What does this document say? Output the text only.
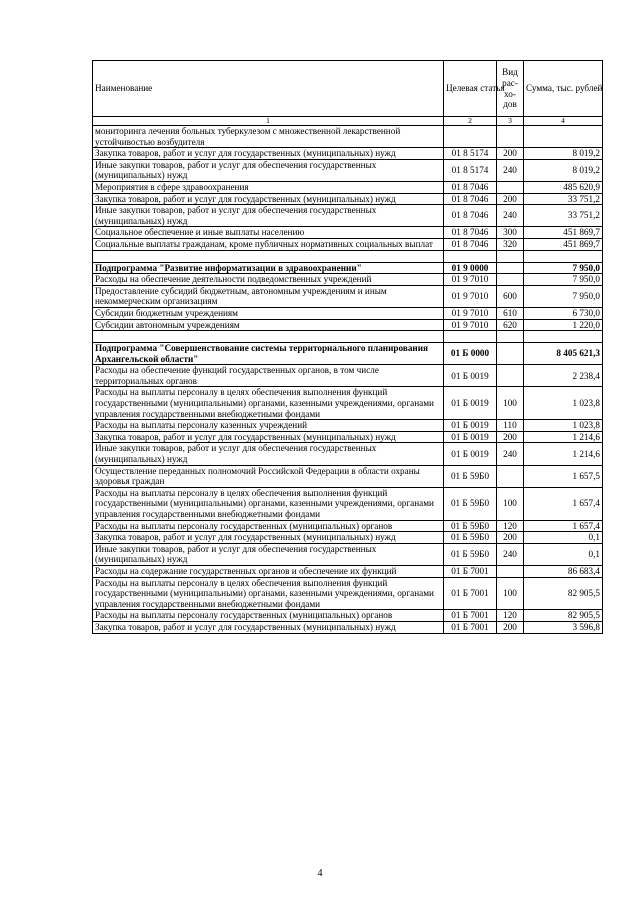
Наименование	Целевая статья	Вид рас-хо-дов	Сумма, тыс. рублей
1	2	3	4
мониторинга лечения больных туберкулезом с множественной лекарственной устойчивостью возбудителя			
Закупка товаров, работ и услуг для государственных (муниципальных) нужд	01 8 5174	200	8 019,2
Иные закупки товаров, работ и услуг для обеспечения государственных (муниципальных) нужд	01 8 5174	240	8 019,2
Мероприятия в сфере здравоохранения	01 8 7046		485 620,9
Закупка товаров, работ и услуг для государственных (муниципальных) нужд	01 8 7046	200	33 751,2
Иные закупки товаров, работ и услуг для обеспечения государственных (муниципальных) нужд	01 8 7046	240	33 751,2
Социальное обеспечение и иные выплаты населению	01 8 7046	300	451 869,7
Социальные выплаты гражданам, кроме публичных нормативных социальных выплат	01 8 7046	320	451 869,7

Подпрограмма "Развитие информатизации в здравоохранении"	01 9 0000		7 950,0
Расходы на обеспечение деятельности подведомственных учреждений	01 9 7010		7 950,0
Предоставление субсидий бюджетным, автономным учреждениям и иным некоммерческим организациям	01 9 7010	600	7 950,0
Субсидии бюджетным учреждениям	01 9 7010	610	6 730,0
Субсидии автономным учреждениям	01 9 7010	620	1 220,0

Подпрограмма "Совершенствование системы территориального планирования Архангельской области"	01 Б 0000		8 405 621,3
Расходы на обеспечение функций государственных органов, в том числе территориальных органов	01 Б 0019		2 238,4
Расходы на выплаты персоналу в целях обеспечения выполнения функций государственными (муниципальными) органами, казенными учреждениями, органами управления государственными внебюджетными фондами	01 Б 0019	100	1 023,8
Расходы на выплаты персоналу казенных учреждений	01 Б 0019	110	1 023,8
Закупка товаров, работ и услуг для государственных (муниципальных) нужд	01 Б 0019	200	1 214,6
Иные закупки товаров, работ и услуг для обеспечения государственных (муниципальных) нужд	01 Б 0019	240	1 214,6
Осуществление переданных полномочий Российской Федерации в области охраны здоровья граждан	01 Б 59Б0		1 657,5
Расходы на выплаты персоналу в целях обеспечения выполнения функций государственными (муниципальными) органами, казенными учреждениями, органами управления государственными внебюджетными фондами	01 Б 59Б0	100	1 657,4
Расходы на выплаты персоналу государственных (муниципальных) органов	01 Б 59Б0	120	1 657,4
Закупка товаров, работ и услуг для государственных (муниципальных) нужд	01 Б 59Б0	200	0,1
Иные закупки товаров, работ и услуг для обеспечения государственных (муниципальных) нужд	01 Б 59Б0	240	0,1
Расходы на содержание государственных органов и обеспечение их функций	01 Б 7001		86 683,4
Расходы на выплаты персоналу в целях обеспечения выполнения функций государственными (муниципальными) органами, казенными учреждениями, органами управления государственными внебюджетными фондами	01 Б 7001	100	82 905,5
Расходы на выплаты персоналу государственных (муниципальных) органов	01 Б 7001	120	82 905,5
Закупка товаров, работ и услуг для государственных (муниципальных) нужд	01 Б 7001	200	3 596,8
4
